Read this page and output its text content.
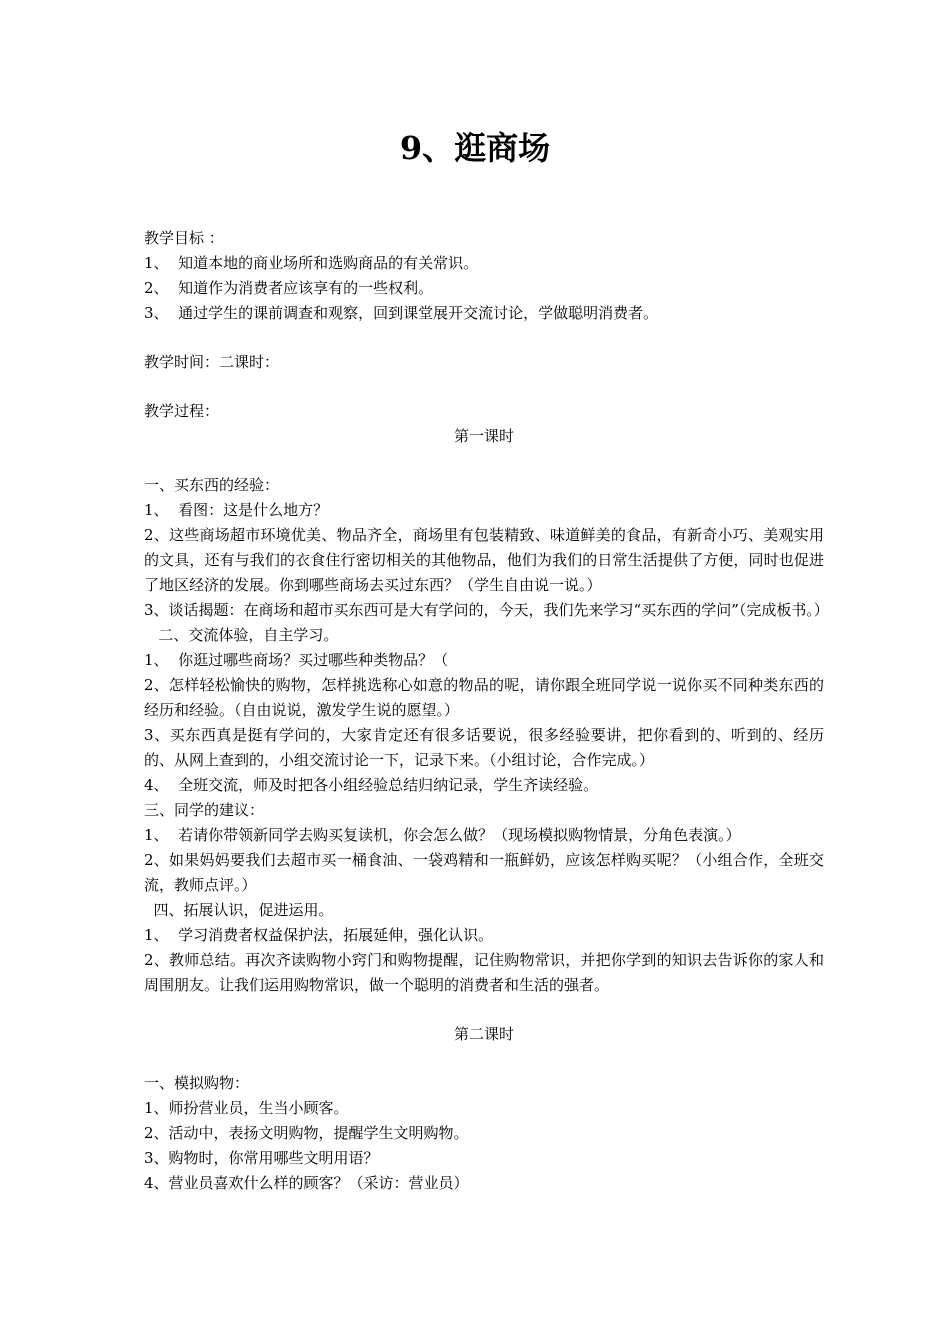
9、逛商场

教学目标 ：

1、  知道本地的商业场所和选购商品的有关常识。

2、  知道作为消费者应该享有的一些权利。

3、  通过学生的课前调查和观察，回到课堂展开交流讨论，学做聪明消费者。

教学时间：二课时：

教学过程：

第一课时

一、买东西的经验：

1、  看图：这是什么地方？

2、这些商场超市环境优美、物品齐全，商场里有包装精致、味道鲜美的食品，有新奇小巧、美观实用的文具，还有与我们的衣食住行密切相关的其他物品，他们为我们的日常生活提供了方便，同时也促进了地区经济的发展。你到哪些商场去买过东西？（学生自由说一说。）

3、谈话揭题：在商场和超市买东西可是大有学问的，今天，我们先来学习“买东西的学问”（完成板书。）

二、交流体验，自主学习。

1、  你逛过哪些商场？买过哪些种类物品？（

2、怎样轻松愉快的购物，怎样挑选称心如意的物品的呢，请你跟全班同学说一说你买不同种类东西的经历和经验。（自由说说，激发学生说的愿望。）

3、买东西真是挺有学问的，大家肯定还有很多话要说，很多经验要讲，把你看到的、听到的、经历的、从网上查到的，小组交流讨论一下，记录下来。（小组讨论，合作完成。）

4、  全班交流，师及时把各小组经验总结归纳记录，学生齐读经验。

三、同学的建议：

1、  若请你带领新同学去购买复读机，你会怎么做？（现场模拟购物情景，分角色表演。）

2、如果妈妈要我们去超市买一桶食油、一袋鸡精和一瓶鲜奶，应该怎样购买呢？（小组合作，全班交流，教师点评。）

四、拓展认识，促进运用。

1、  学习消费者权益保护法，拓展延伸，强化认识。

2、教师总结。再次齐读购物小窍门和购物提醒，记住购物常识，并把你学到的知识去告诉你的家人和周围朋友。让我们运用购物常识，做一个聪明的消费者和生活的强者。

第二课时

一、模拟购物：

1、师扮营业员，生当小顾客。

2、活动中，表扬文明购物，提醒学生文明购物。

3、购物时，你常用哪些文明用语？

4、营业员喜欢什么样的顾客？（采访：营业员）
